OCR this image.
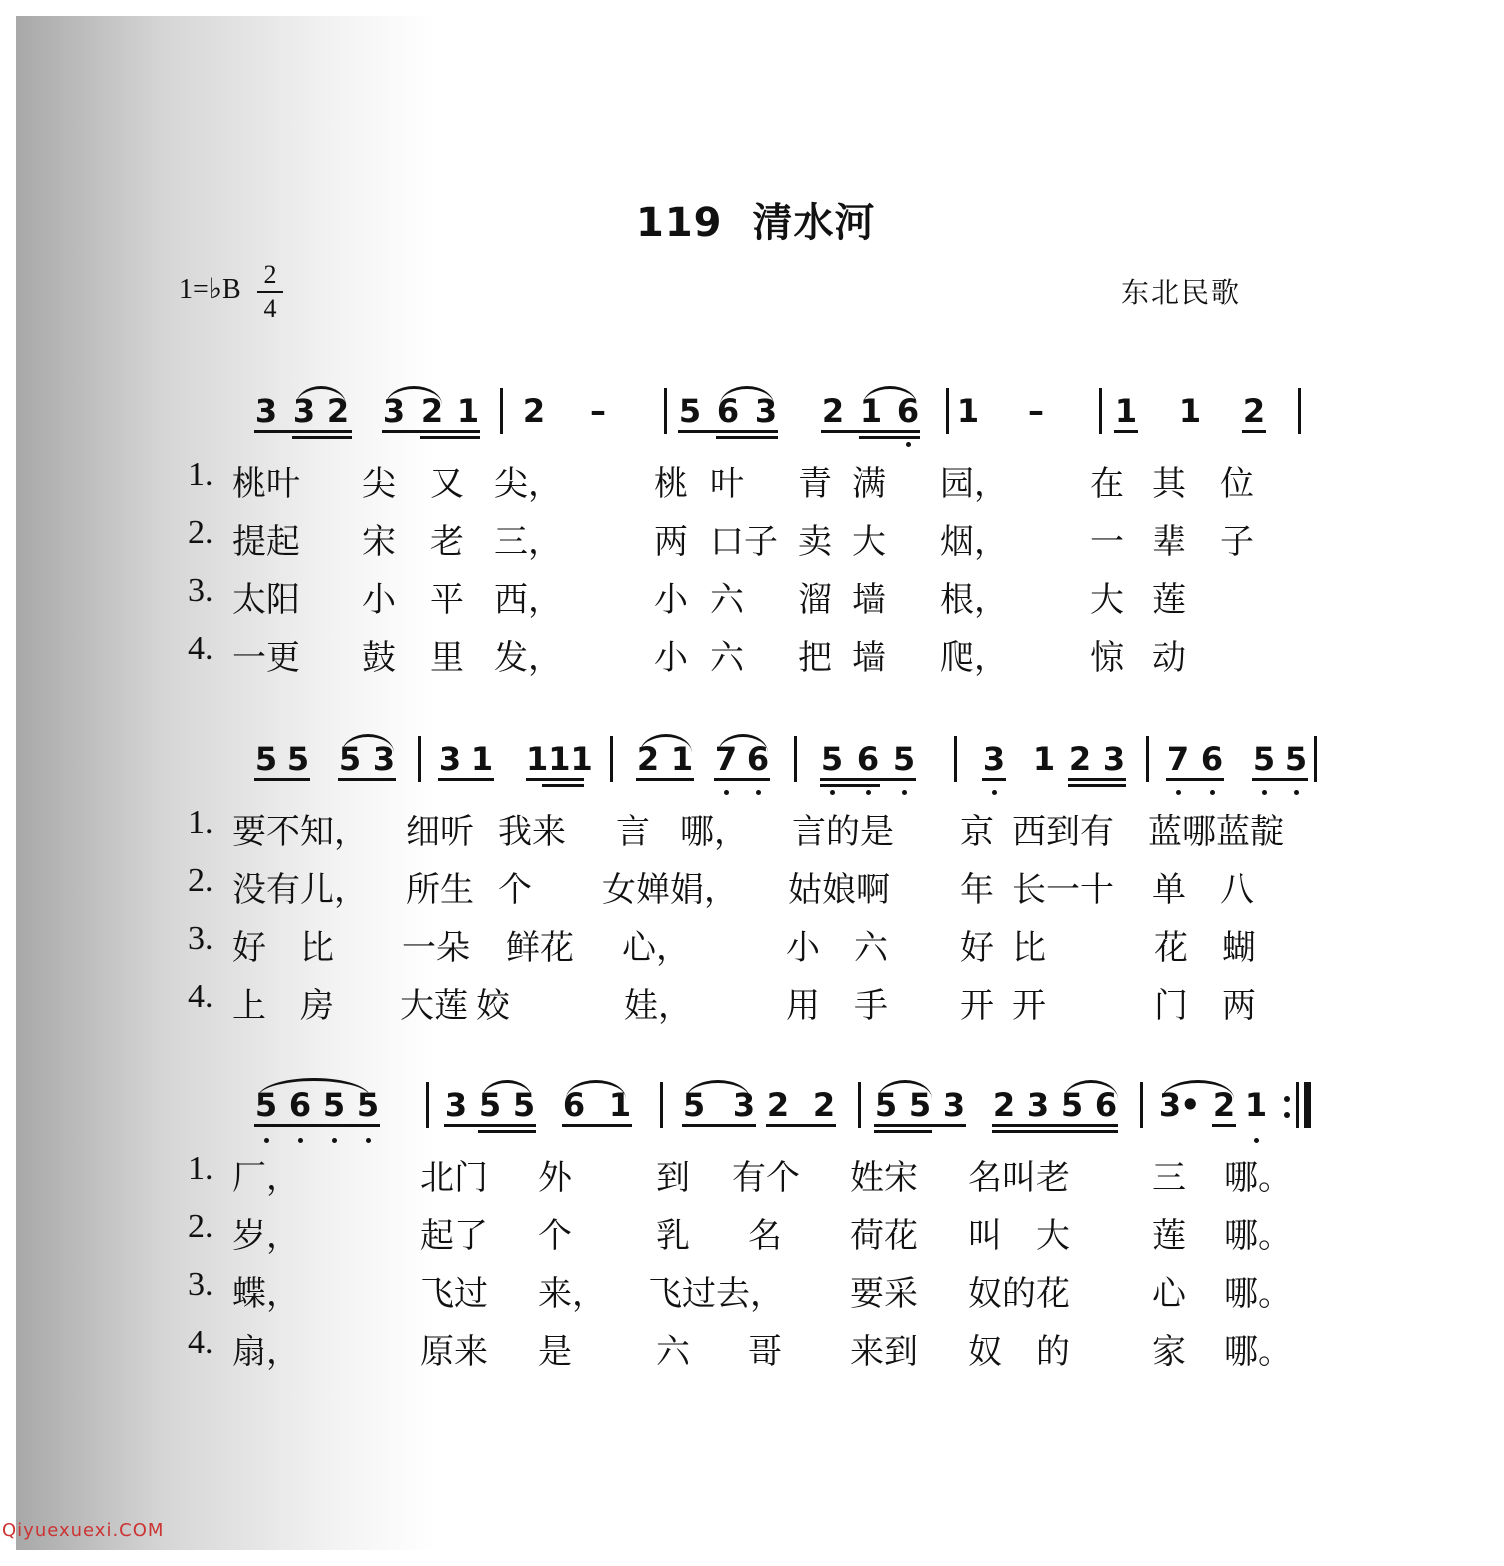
119 清水河
1=♭B 2
4	东北民歌
3 3 2 3 2 1 2 – 5 6 3 2 1 6 1 – 1 1 2
1. 桃叶 尖 又 尖，	桃 叶 青 满 园， 在 其 位
2. 提起 宋 老 三，	两 口子 卖 大 烟， 一 辈 子
3. 太阳 小 平 西，	小 六 溜 墙 根， 大 莲
4. 一更 鼓 里 发，	小 六 把 墙 爬， 惊 动
5 5 5 3 3 1 111 2 1 7 6 5 6 5 3 1 2 3 7 6 5 5
1. 要不知， 细听 我来 言 哪， 言的是 京 西到有 蓝哪蓝靛
2. 没有儿， 所生 个 女婵娟， 姑娘啊 年 长一十 单　八
3. 好　比 一朵 鲜花 心，	小　六 好 比	花　蝴
4. 上　房 大莲 姣	娃，	用　手 开 开	门　两
5 6 5 5 3 5 5 6 1 5 3 2 2 5 5 3 2 3 5 6 3
• 2 1
1. 厂，	北门 外 到 有个 姓宋 名叫老 三 哪。
2. 岁，	起了 个 乳 名 荷花 叫　大 莲 哪。
3. 蝶，	飞过 来， 飞过去， 要采 奴的花 心 哪。
4. 扇，	原来 是 六 哥 来到 奴　的 家 哪。
Qiyuexuexi.COM
